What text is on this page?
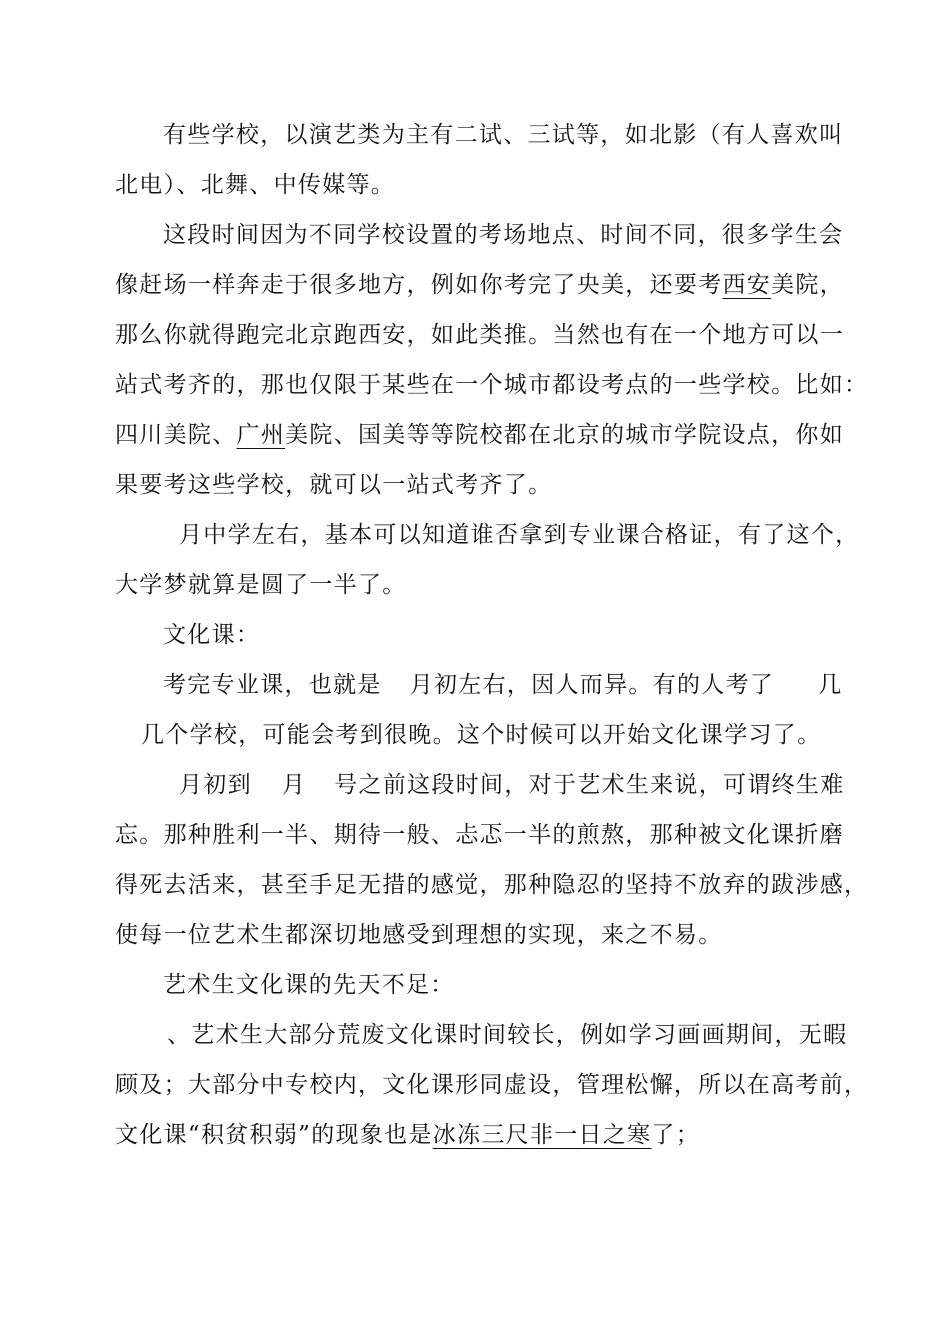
有些学校，以演艺类为主有二试、三试等，如北影（有人喜欢叫
北电）、北舞、中传媒等。
这段时间因为不同学校设置的考场地点、时间不同，很多学生会
像赶场一样奔走于很多地方，例如你考完了央美，还要考西安美院，
那么你就得跑完北京跑西安，如此类推。当然也有在一个地方可以一
站式考齐的，那也仅限于某些在一个城市都设考点的一些学校。比如：
四川美院、广州美院、国美等等院校都在北京的城市学院设点，你如
果要考这些学校，就可以一站式考齐了。
月中学左右，基本可以知道谁否拿到专业课合格证，有了这个，
大学梦就算是圆了一半了。
文化课：
考完专业课，也就是 月初左右，因人而异。有的人考了 几
几个学校，可能会考到很晚。这个时候可以开始文化课学习了。
月初到 月 号之前这段时间，对于艺术生来说，可谓终生难
忘。那种胜利一半、期待一般、忐忑一半的煎熬，那种被文化课折磨
得死去活来，甚至手足无措的感觉，那种隐忍的坚持不放弃的跋涉感，
使每一位艺术生都深切地感受到理想的实现，来之不易。
艺术生文化课的先天不足：
、艺术生大部分荒废文化课时间较长，例如学习画画期间，无暇
顾及；大部分中专校内，文化课形同虚设，管理松懈，所以在高考前，
文化课“积贫积弱”的现象也是冰冻三尺非一日之寒了；
